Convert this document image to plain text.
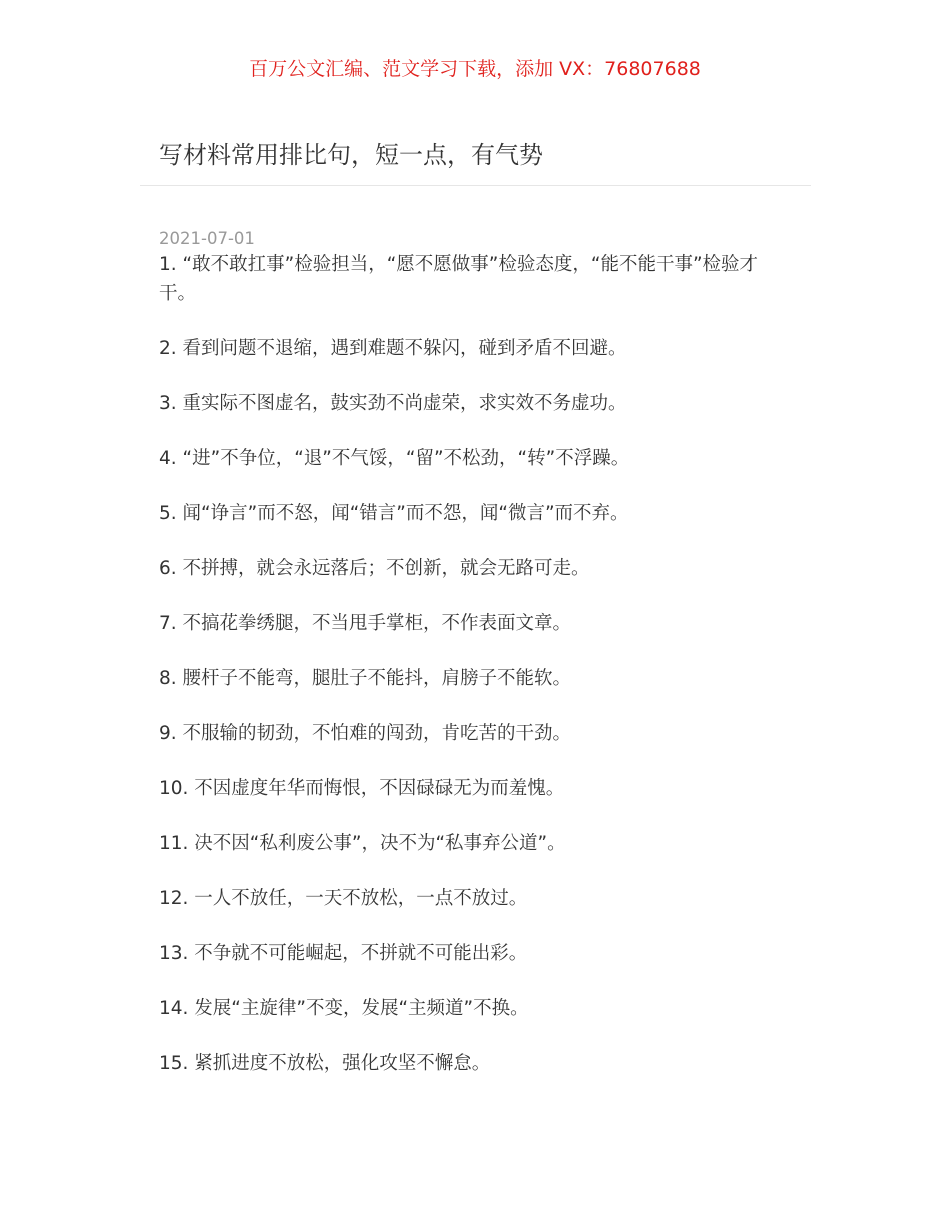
百万公文汇编、范文学习下载，添加 VX：76807688
写材料常用排比句，短一点，有气势
2021-07-01
1. “敢不敢扛事”检验担当，“愿不愿做事”检验态度，“能不能干事”检验才干。
2. 看到问题不退缩，遇到难题不躲闪，碰到矛盾不回避。
3. 重实际不图虚名，鼓实劲不尚虚荣，求实效不务虚功。
4. “进”不争位，“退”不气馁，“留”不松劲，“转”不浮躁。
5. 闻“诤言”而不怒，闻“错言”而不怨，闻“微言”而不弃。
6. 不拼搏，就会永远落后；不创新，就会无路可走。
7. 不搞花拳绣腿，不当甩手掌柜，不作表面文章。
8. 腰杆子不能弯，腿肚子不能抖，肩膀子不能软。
9. 不服输的韧劲，不怕难的闯劲，肯吃苦的干劲。
10. 不因虚度年华而悔恨，不因碌碌无为而羞愧。
11. 决不因“私利废公事”，决不为“私事弃公道”。
12. 一人不放任，一天不放松，一点不放过。
13. 不争就不可能崛起，不拼就不可能出彩。
14. 发展“主旋律”不变，发展“主频道”不换。
15. 紧抓进度不放松，强化攻坚不懈怠。
